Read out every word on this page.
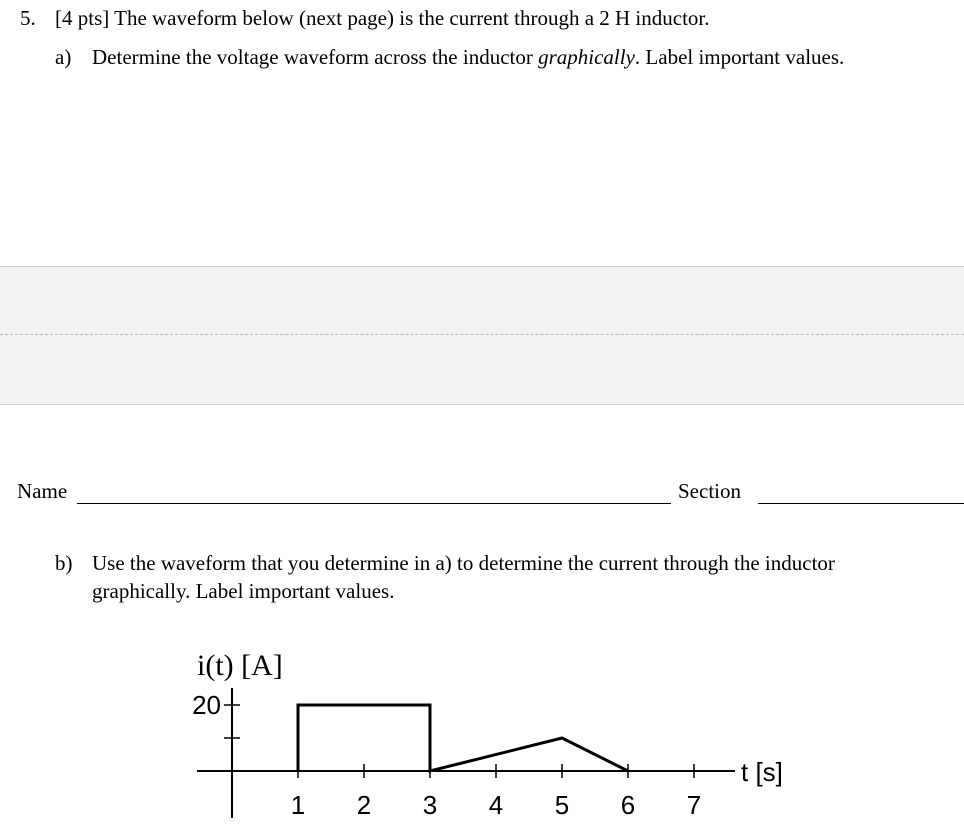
5. [4 pts] The waveform below (next page) is the current through a 2 H inductor.
a) Determine the voltage waveform across the inductor graphically. Label important values.
Name	Section
b) Use the waveform that you determine in a) to determine the current through the inductor
graphically. Label important values.
1 2 3 4 5 6 7
20
i(t) [A]
t [s]
